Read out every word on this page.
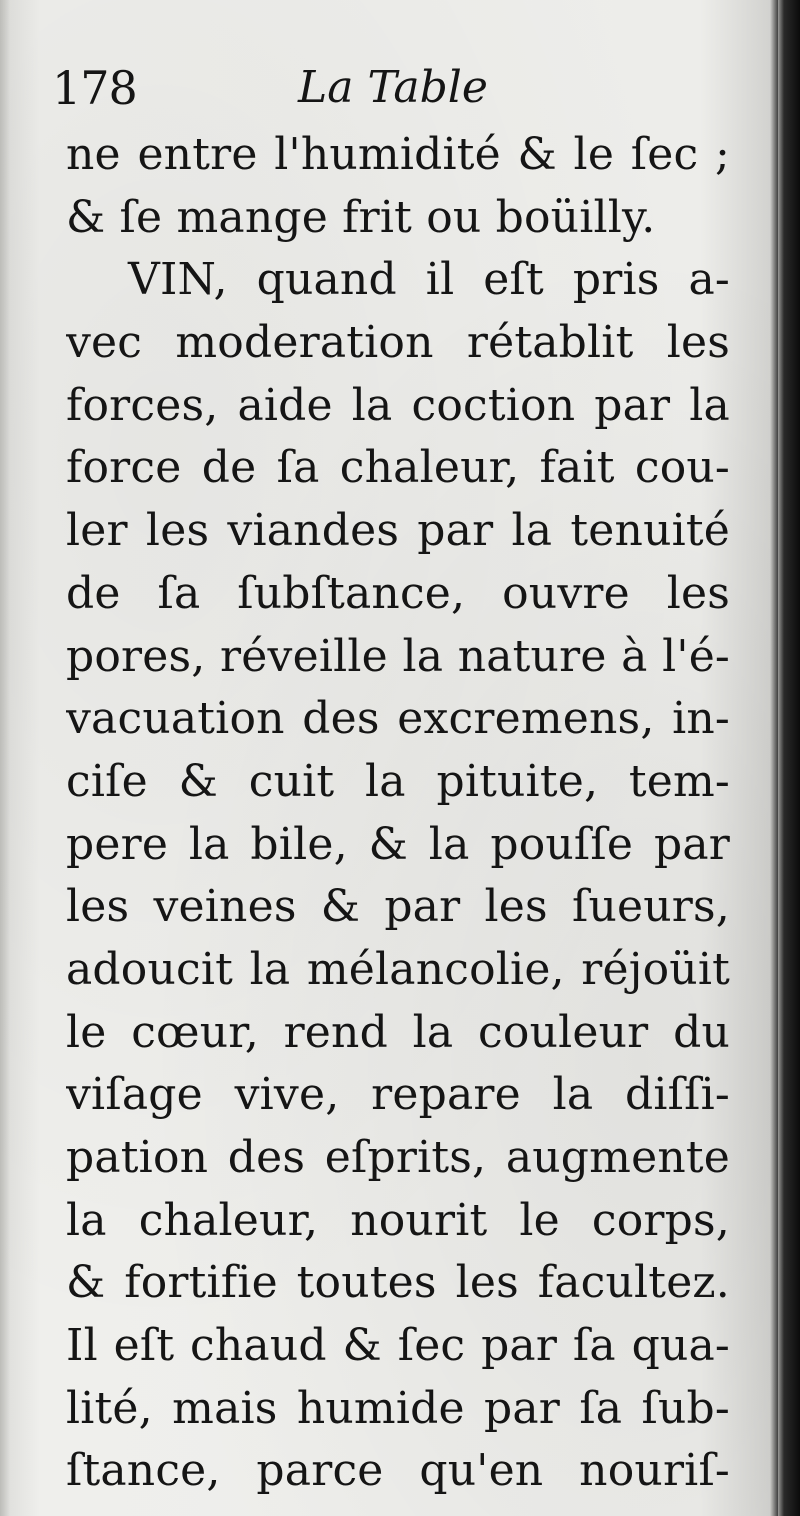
178	La Table
ne entre l'humidité & le ſec ;
& ſe mange frit ou boüilly.
VIN, quand il eſt pris a-
vec moderation rétablit les
forces, aide la coction par la
force de ſa chaleur, fait cou-
ler les viandes par la tenuité
de ſa ſubſtance, ouvre les
pores, réveille la nature à l'é-
vacuation des excremens, in-
ciſe & cuit la pituite, tem-
pere la bile, & la pouſſe par
les veines & par les ſueurs,
adoucit la mélancolie, réjoüit
le cœur, rend la couleur du
viſage vive, repare la diſſi-
pation des eſprits, augmente
la chaleur, nourit le corps,
& fortifie toutes les facultez.
Il eſt chaud & ſec par ſa qua-
lité, mais humide par ſa ſub-
ſtance, parce qu'en nouriſ-
